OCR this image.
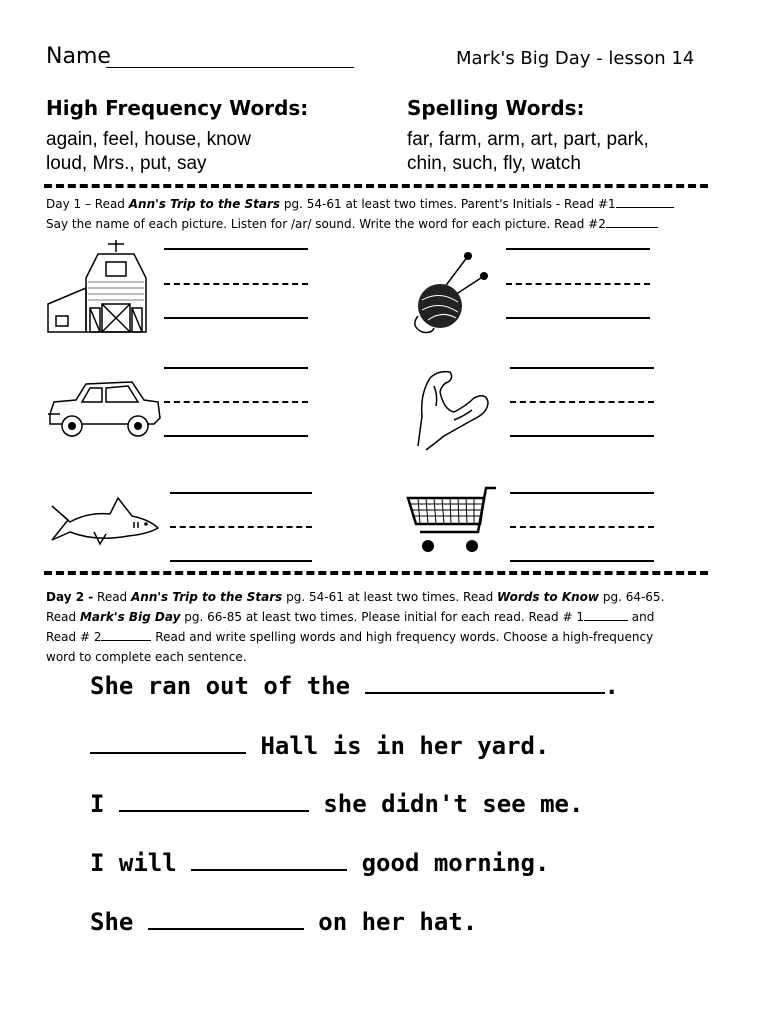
Name	Mark's Big Day - lesson 14
High Frequency Words:
again, feel, house, know
loud, Mrs., put, say
Spelling Words:
far, farm, arm, art, part, park,
chin, such, fly, watch
Day 1 – Read Ann's Trip to the Stars pg. 54-61 at least two times. Parent's Initials - Read #1
Say the name of each picture. Listen for /ar/ sound. Write the word for each picture. Read #2
Day 2 - Read Ann's Trip to the Stars pg. 54-61 at least two times. Read Words to Know pg. 64-65.
Read Mark's Big Day pg. 66-85 at least two times. Please initial for each read. Read # 1	and
Read # 2	Read and write spelling words and high frequency words. Choose a high-frequency
word to complete each sentence.
She ran out of the	.
Hall is in her yard.
I	she didn't see me.
I will	good morning.
She	on her hat.
